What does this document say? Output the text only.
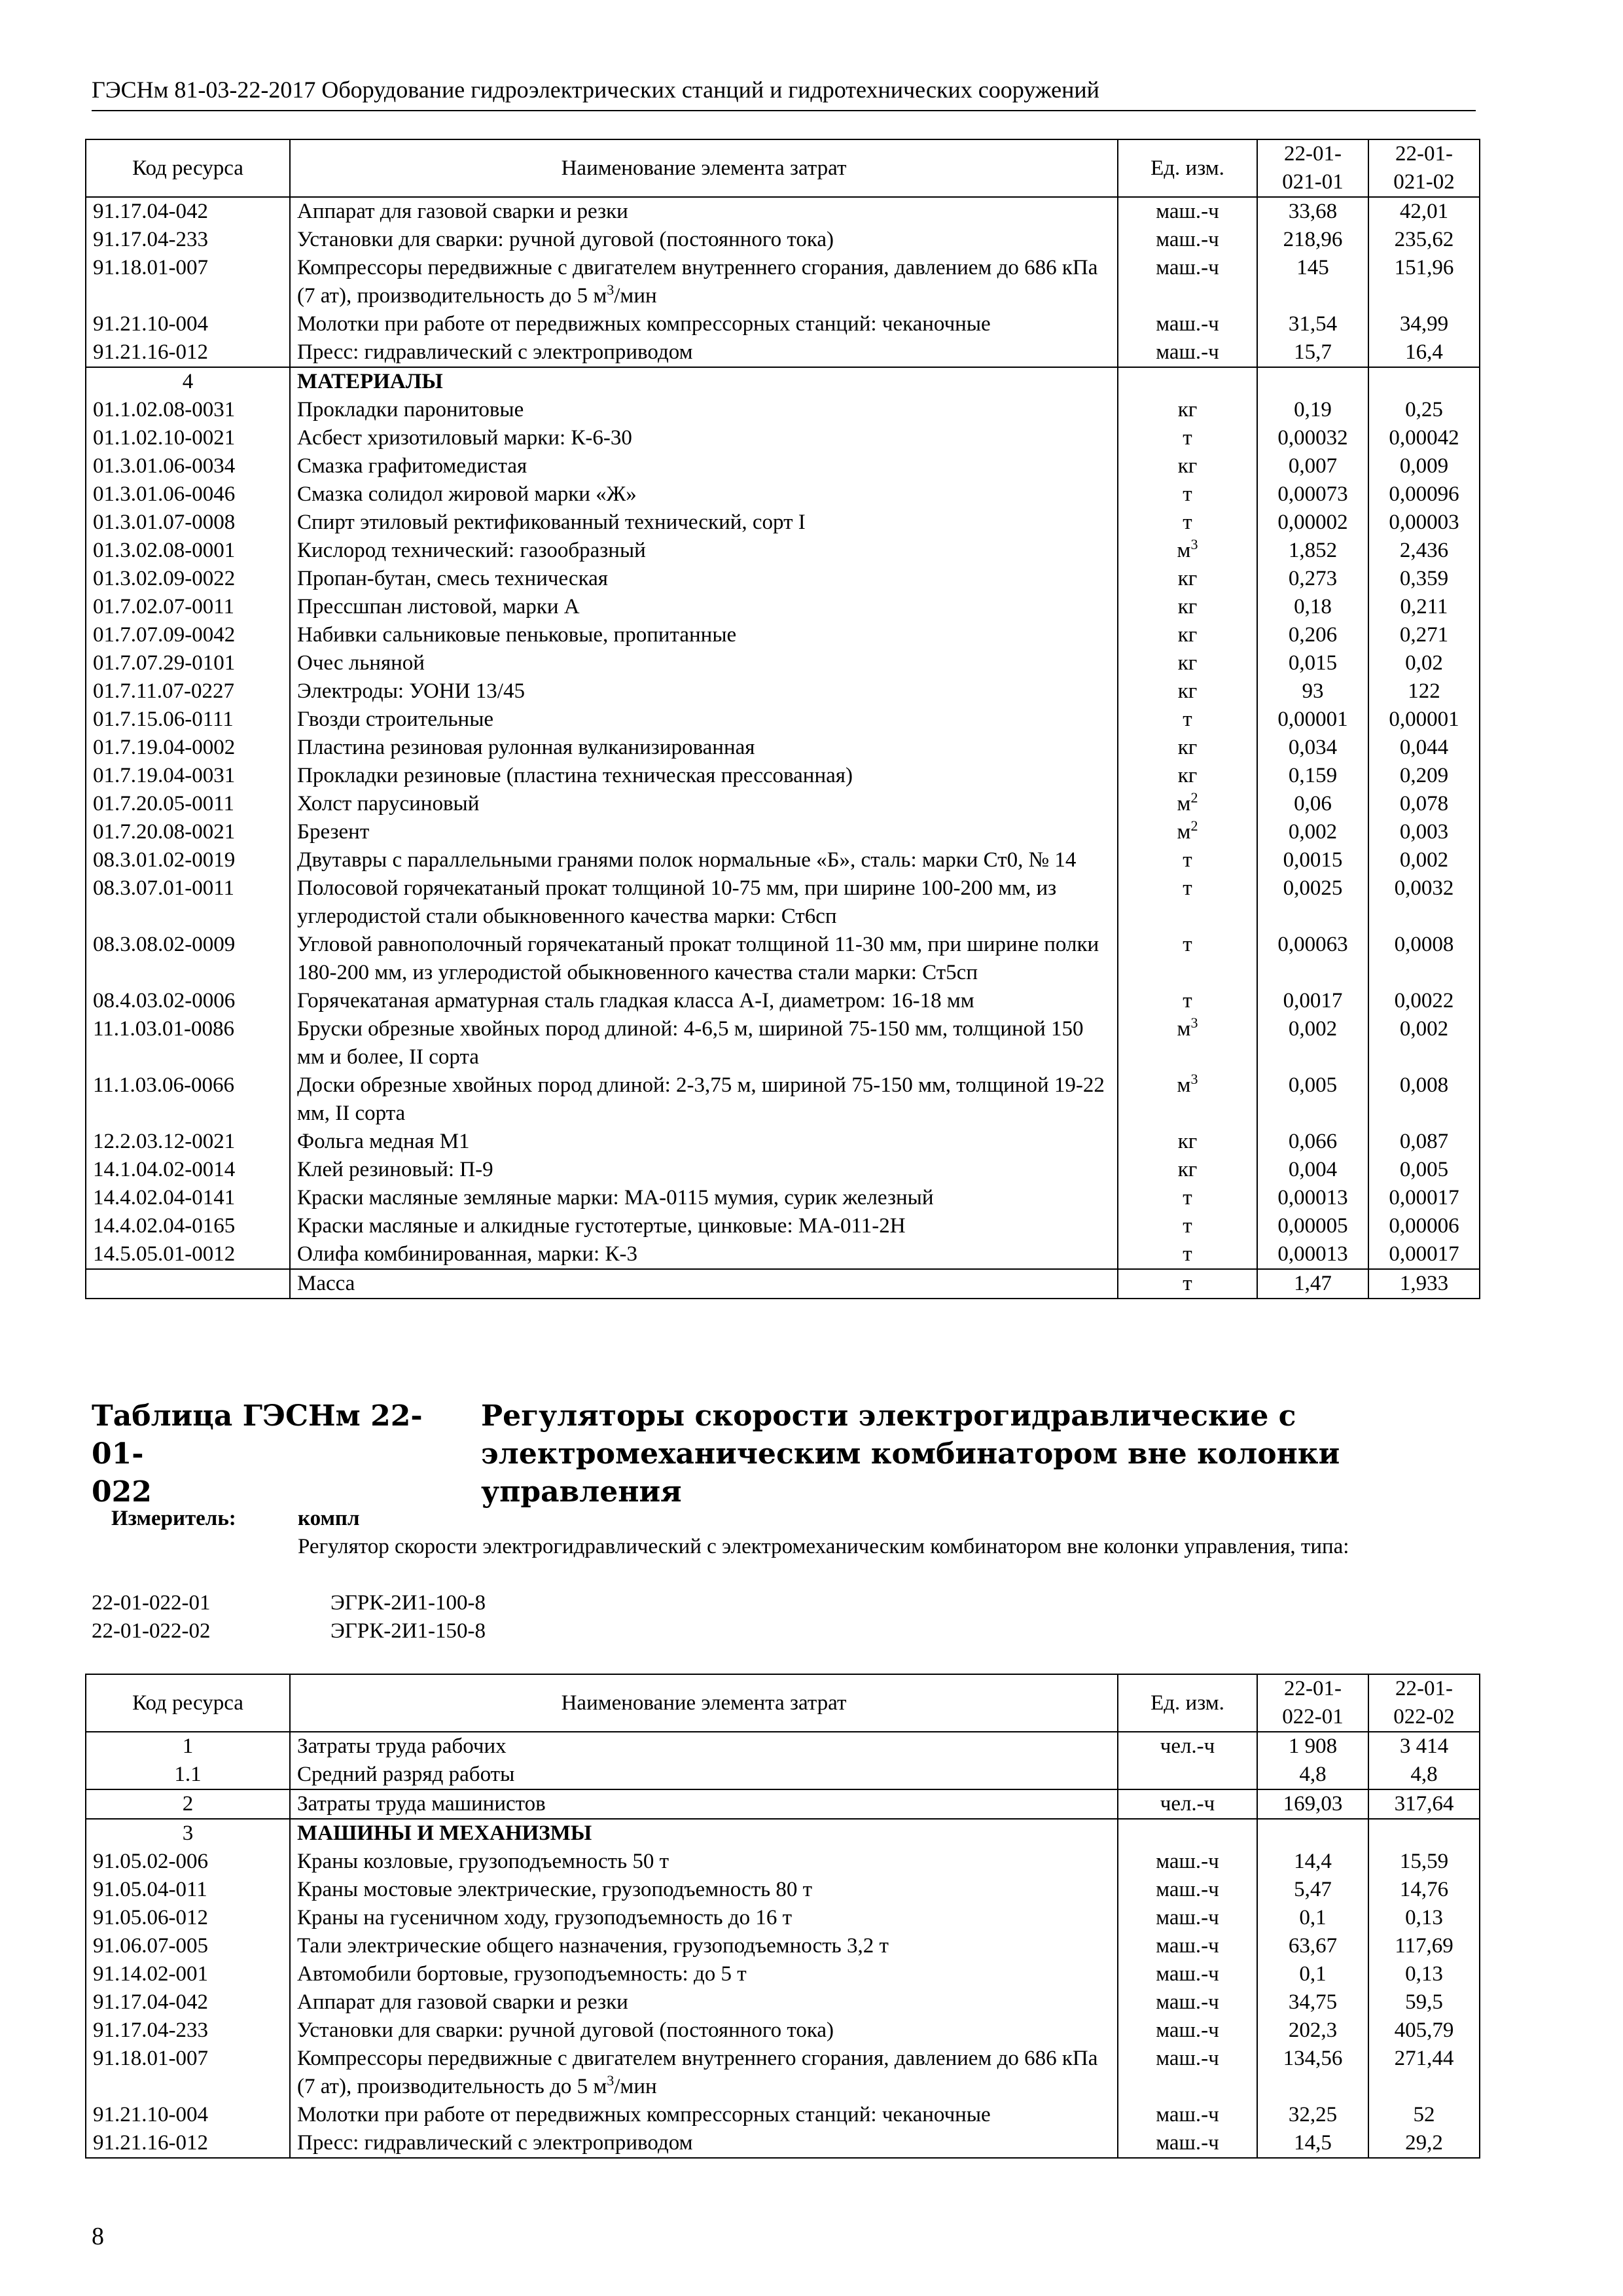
ГЭСНм 81-03-22-2017 Оборудование гидроэлектрических станций и гидротехнических сооружений
Код ресурса	Наименование элемента затрат	Ед. изм.	22-01-
021-01	22-01-
021-02
91.17.04-042	Аппарат для газовой сварки и резки	маш.-ч	33,68	42,01
91.17.04-233	Установки для сварки: ручной дуговой (постоянного тока)	маш.-ч	218,96	235,62
91.18.01-007	Компрессоры передвижные с двигателем внутреннего сгорания, давлением до 686 кПа (7 ат), производительность до 5 $м^3$/мин	маш.-ч	145	151,96
91.21.10-004	Молотки при работе от передвижных компрессорных станций: чеканочные	маш.-ч	31,54	34,99
91.21.16-012	Пресс: гидравлический с электроприводом	маш.-ч	15,7	16,4
4	МАТЕРИАЛЫ			
01.1.02.08-0031	Прокладки паронитовые	кг	0,19	0,25
01.1.02.10-0021	Асбест хризотиловый марки: К-6-30	т	0,00032	0,00042
01.3.01.06-0034	Смазка графитомедистая	кг	0,007	0,009
01.3.01.06-0046	Смазка солидол жировой марки «Ж»	т	0,00073	0,00096
01.3.01.07-0008	Спирт этиловый ректификованный технический, сорт I	т	0,00002	0,00003
01.3.02.08-0001	Кислород технический: газообразный	$м^3$	1,852	2,436
01.3.02.09-0022	Пропан-бутан, смесь техническая	кг	0,273	0,359
01.7.02.07-0011	Прессшпан листовой, марки А	кг	0,18	0,211
01.7.07.09-0042	Набивки сальниковые пеньковые, пропитанные	кг	0,206	0,271
01.7.07.29-0101	Очес льняной	кг	0,015	0,02
01.7.11.07-0227	Электроды: УОНИ 13/45	кг	93	122
01.7.15.06-0111	Гвозди строительные	т	0,00001	0,00001
01.7.19.04-0002	Пластина резиновая рулонная вулканизированная	кг	0,034	0,044
01.7.19.04-0031	Прокладки резиновые (пластина техническая прессованная)	кг	0,159	0,209
01.7.20.05-0011	Холст парусиновый	$м^2$	0,06	0,078
01.7.20.08-0021	Брезент	$м^2$	0,002	0,003
08.3.01.02-0019	Двутавры с параллельными гранями полок нормальные «Б», сталь: марки Ст0, № 14	т	0,0015	0,002
08.3.07.01-0011	Полосовой горячекатаный прокат толщиной 10-75 мм, при ширине 100-200 мм, из углеродистой стали обыкновенного качества марки: Ст6сп	т	0,0025	0,0032
08.3.08.02-0009	Угловой равнополочный горячекатаный прокат толщиной 11-30 мм, при ширине полки 180-200 мм, из углеродистой обыкновенного качества стали марки: Ст5сп	т	0,00063	0,0008
08.4.03.02-0006	Горячекатаная арматурная сталь гладкая класса А-I, диаметром: 16-18 мм	т	0,0017	0,0022
11.1.03.01-0086	Бруски обрезные хвойных пород длиной: 4-6,5 м, шириной 75-150 мм, толщиной 150 мм и более, II сорта	$м^3$	0,002	0,002
11.1.03.06-0066	Доски обрезные хвойных пород длиной: 2-3,75 м, шириной 75-150 мм, толщиной 19-22 мм, II сорта	$м^3$	0,005	0,008
12.2.03.12-0021	Фольга медная М1	кг	0,066	0,087
14.1.04.02-0014	Клей резиновый: П-9	кг	0,004	0,005
14.4.02.04-0141	Краски масляные земляные марки: МА-0115 мумия, сурик железный	т	0,00013	0,00017
14.4.02.04-0165	Краски масляные и алкидные густотертые, цинковые: МА-011-2Н	т	0,00005	0,00006
14.5.05.01-0012	Олифа комбинированная, марки: К-3	т	0,00013	0,00017
	Масса	т	1,47	1,933
Таблица ГЭСНм 22-01-
022
Регуляторы скорости электрогидравлические с
электромеханическим комбинатором вне колонки управления
Измеритель:	компл
Регулятор скорости электрогидравлический с электромеханическим комбинатором вне колонки управления, типа:
22-01-022-01	ЭГРК-2И1-100-8
22-01-022-02	ЭГРК-2И1-150-8
Код ресурса	Наименование элемента затрат	Ед. изм.	22-01-
022-01	22-01-
022-02
1	Затраты труда рабочих	чел.-ч	1 908	3 414
1.1	Средний разряд работы		4,8	4,8
2	Затраты труда машинистов	чел.-ч	169,03	317,64
3	МАШИНЫ И МЕХАНИЗМЫ			
91.05.02-006	Краны козловые, грузоподъемность 50 т	маш.-ч	14,4	15,59
91.05.04-011	Краны мостовые электрические, грузоподъемность 80 т	маш.-ч	5,47	14,76
91.05.06-012	Краны на гусеничном ходу, грузоподъемность до 16 т	маш.-ч	0,1	0,13
91.06.07-005	Тали электрические общего назначения, грузоподъемность 3,2 т	маш.-ч	63,67	117,69
91.14.02-001	Автомобили бортовые, грузоподъемность: до 5 т	маш.-ч	0,1	0,13
91.17.04-042	Аппарат для газовой сварки и резки	маш.-ч	34,75	59,5
91.17.04-233	Установки для сварки: ручной дуговой (постоянного тока)	маш.-ч	202,3	405,79
91.18.01-007	Компрессоры передвижные с двигателем внутреннего сгорания, давлением до 686 кПа (7 ат), производительность до 5 $м^3$/мин	маш.-ч	134,56	271,44
91.21.10-004	Молотки при работе от передвижных компрессорных станций: чеканочные	маш.-ч	32,25	52
91.21.16-012	Пресс: гидравлический с электроприводом	маш.-ч	14,5	29,2
8
